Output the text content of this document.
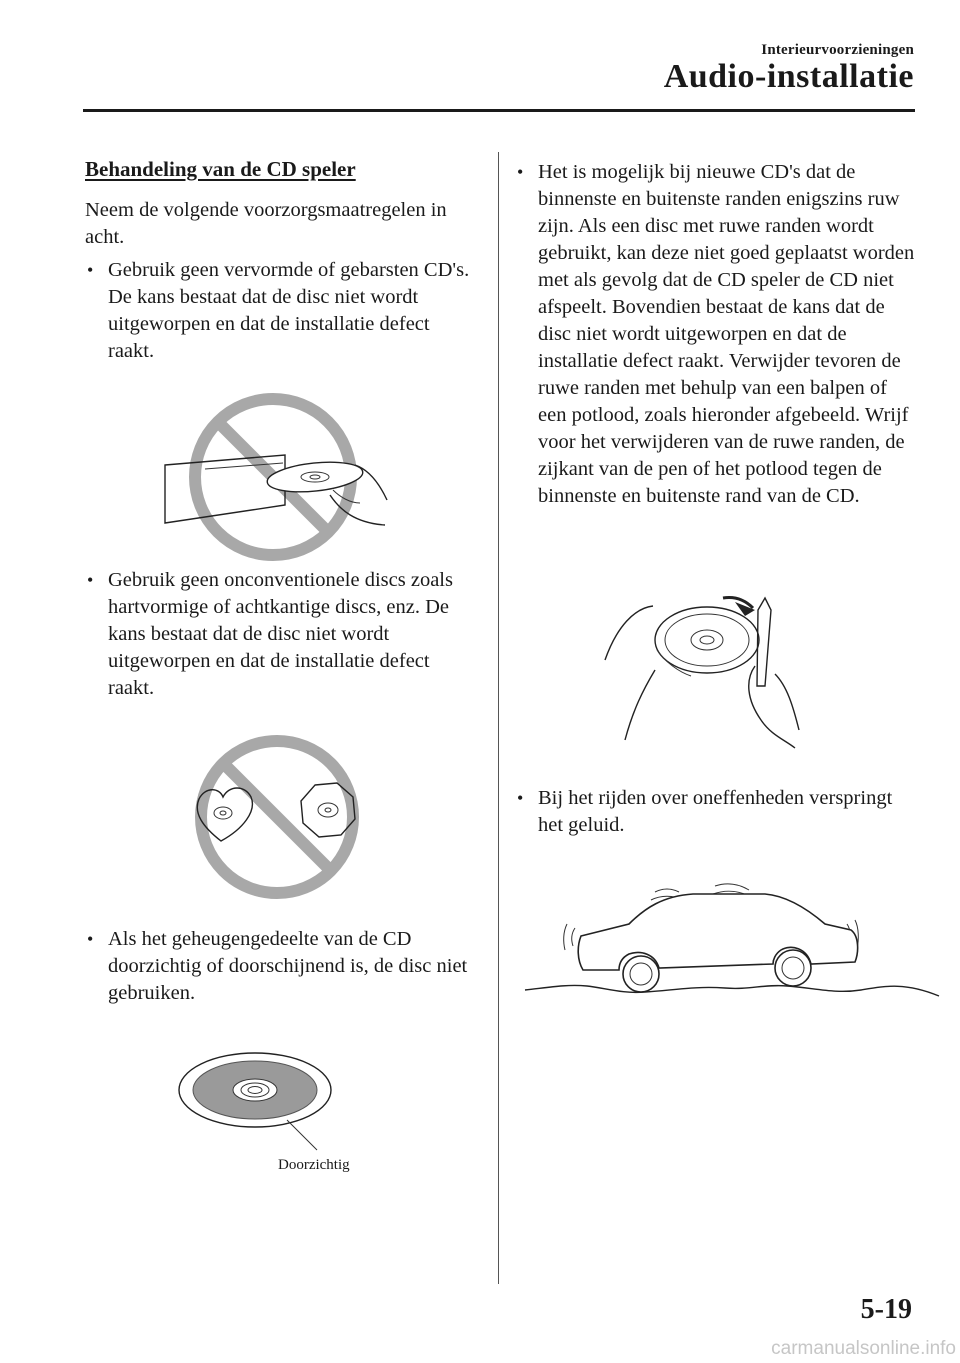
Interieurvoorzieningen
Audio-installatie
Behandeling van de CD speler
Neem de volgende voorzorgsmaatregelen in acht.
• Gebruik geen vervormde of gebarsten CD's. De kans bestaat dat de disc niet wordt uitgeworpen en dat de installatie defect raakt.
• Gebruik geen onconventionele discs zoals hartvormige of achtkantige discs, enz. De kans bestaat dat de disc niet wordt uitgeworpen en dat de installatie defect raakt.
• Als het geheugengedeelte van de CD doorzichtig of doorschijnend is, de disc niet gebruiken.
Doorzichtig
• Het is mogelijk bij nieuwe CD's dat de binnenste en buitenste randen enigszins ruw zijn. Als een disc met ruwe randen wordt gebruikt, kan deze niet goed geplaatst worden met als gevolg dat de CD speler de CD niet afspeelt. Bovendien bestaat de kans dat de disc niet wordt uitgeworpen en dat de installatie defect raakt. Verwijder tevoren de ruwe randen met behulp van een balpen of een potlood, zoals hieronder afgebeeld. Wrijf voor het verwijderen van de ruwe randen, de zijkant van de pen of het potlood tegen de binnenste en buitenste rand van de CD.
• Bij het rijden over oneffenheden verspringt het geluid.
5-19
carmanualsonline.info
